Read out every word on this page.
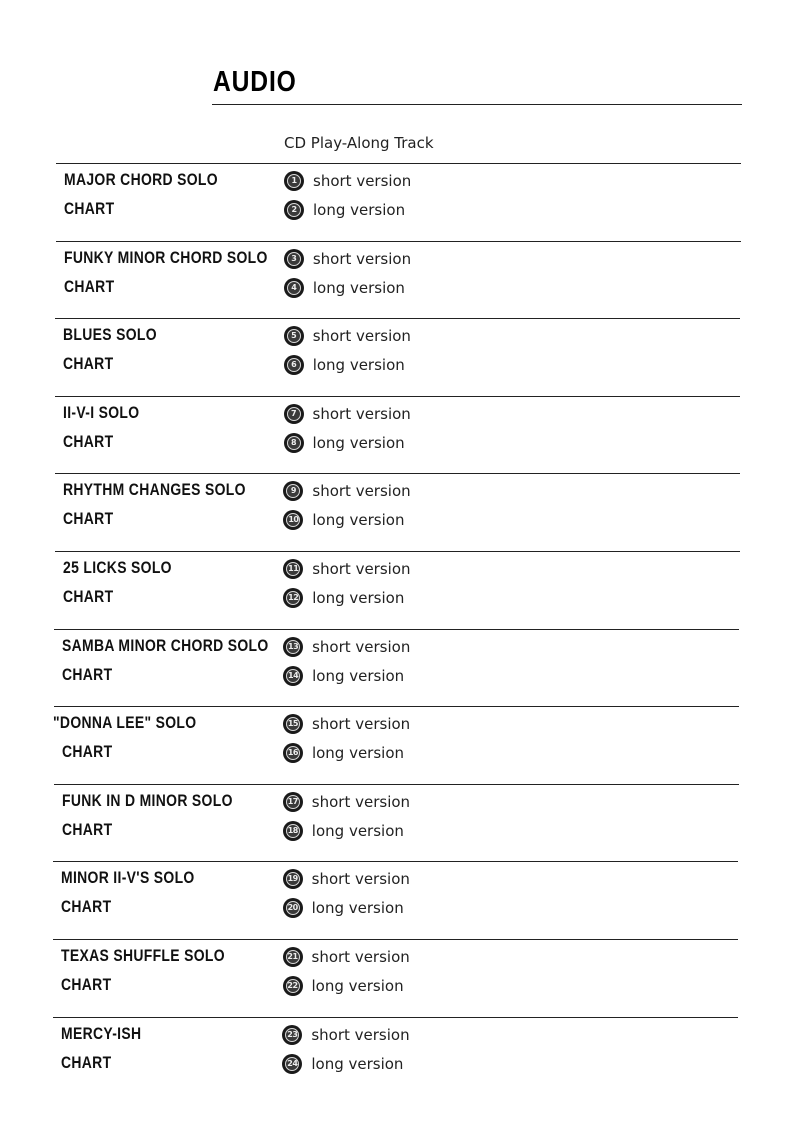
AUDIO
CD Play-Along Track
MAJOR CHORD SOLO
CHART
1 short version
2 long version
FUNKY MINOR CHORD SOLO
CHART
3 short version
4 long version
BLUES SOLO
CHART
5 short version
6 long version
II-V-I SOLO
CHART
7 short version
8 long version
RHYTHM CHANGES SOLO
CHART
9 short version
10 long version
25 LICKS SOLO
CHART
11 short version
12 long version
SAMBA MINOR CHORD SOLO
CHART
13 short version
14 long version
"DONNA LEE" SOLO
CHART
15 short version
16 long version
FUNK IN D MINOR SOLO
CHART
17 short version
18 long version
MINOR II-V'S SOLO
CHART
19 short version
20 long version
TEXAS SHUFFLE SOLO
CHART
21 short version
22 long version
MERCY-ISH
CHART
23 short version
24 long version
